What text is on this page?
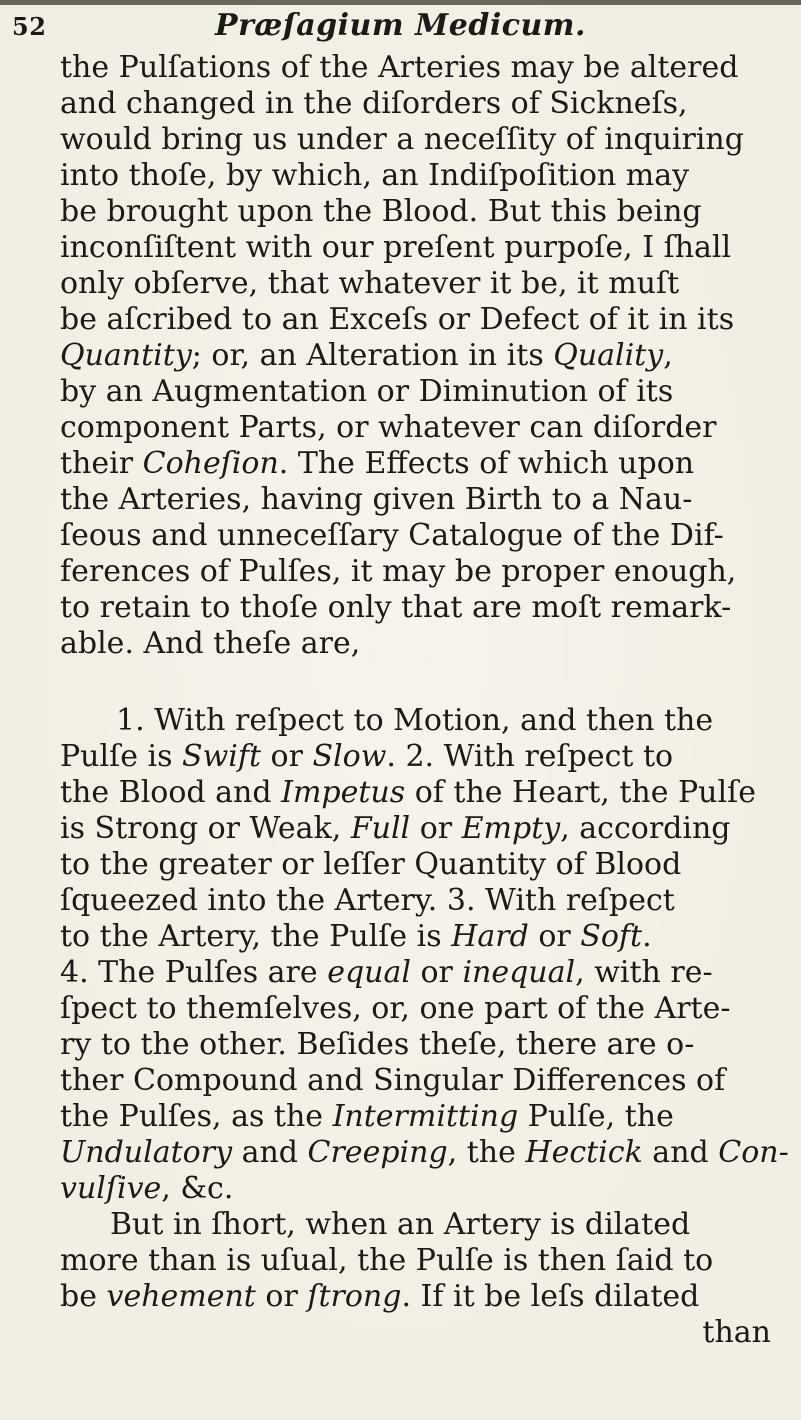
52	Præſagium Medicum.
the Pulſations of the Arteries may be altered
and changed in the diſorders of Sickneſs,
would bring us under a neceſſity of inquiring
into thoſe, by which, an Indiſpoſition may
be brought upon the Blood. But this being
inconſiſtent with our preſent purpoſe, I ſhall
only obſerve, that whatever it be, it muſt
be aſcribed to an Exceſs or Defect of it in its
Quantity; or, an Alteration in its Quality,
by an Augmentation or Diminution of its
component Parts, or whatever can diſorder
their Coheſion. The Effects of which upon
the Arteries, having given Birth to a Nau-
ſeous and unneceſſary Catalogue of the Dif-
ferences of Pulſes, it may be proper enough,
to retain to thoſe only that are moſt remark-
able. And theſe are,
1. With reſpect to Motion, and then the
Pulſe is Swift or Slow. 2. With reſpect to
the Blood and Impetus of the Heart, the Pulſe
is Strong or Weak, Full or Empty, according
to the greater or leſſer Quantity of Blood
ſqueezed into the Artery. 3. With reſpect
to the Artery, the Pulſe is Hard or Soft.
4. The Pulſes are equal or inequal, with re-
ſpect to themſelves, or, one part of the Arte-
ry to the other. Beſides theſe, there are o-
ther Compound and Singular Differences of
the Pulſes, as the Intermitting Pulſe, the
Undulatory and Creeping, the Hectick and Con-
vulſive, &c.
But in ſhort, when an Artery is dilated
more than is uſual, the Pulſe is then ſaid to
be vehement or ſtrong. If it be leſs dilated
than
